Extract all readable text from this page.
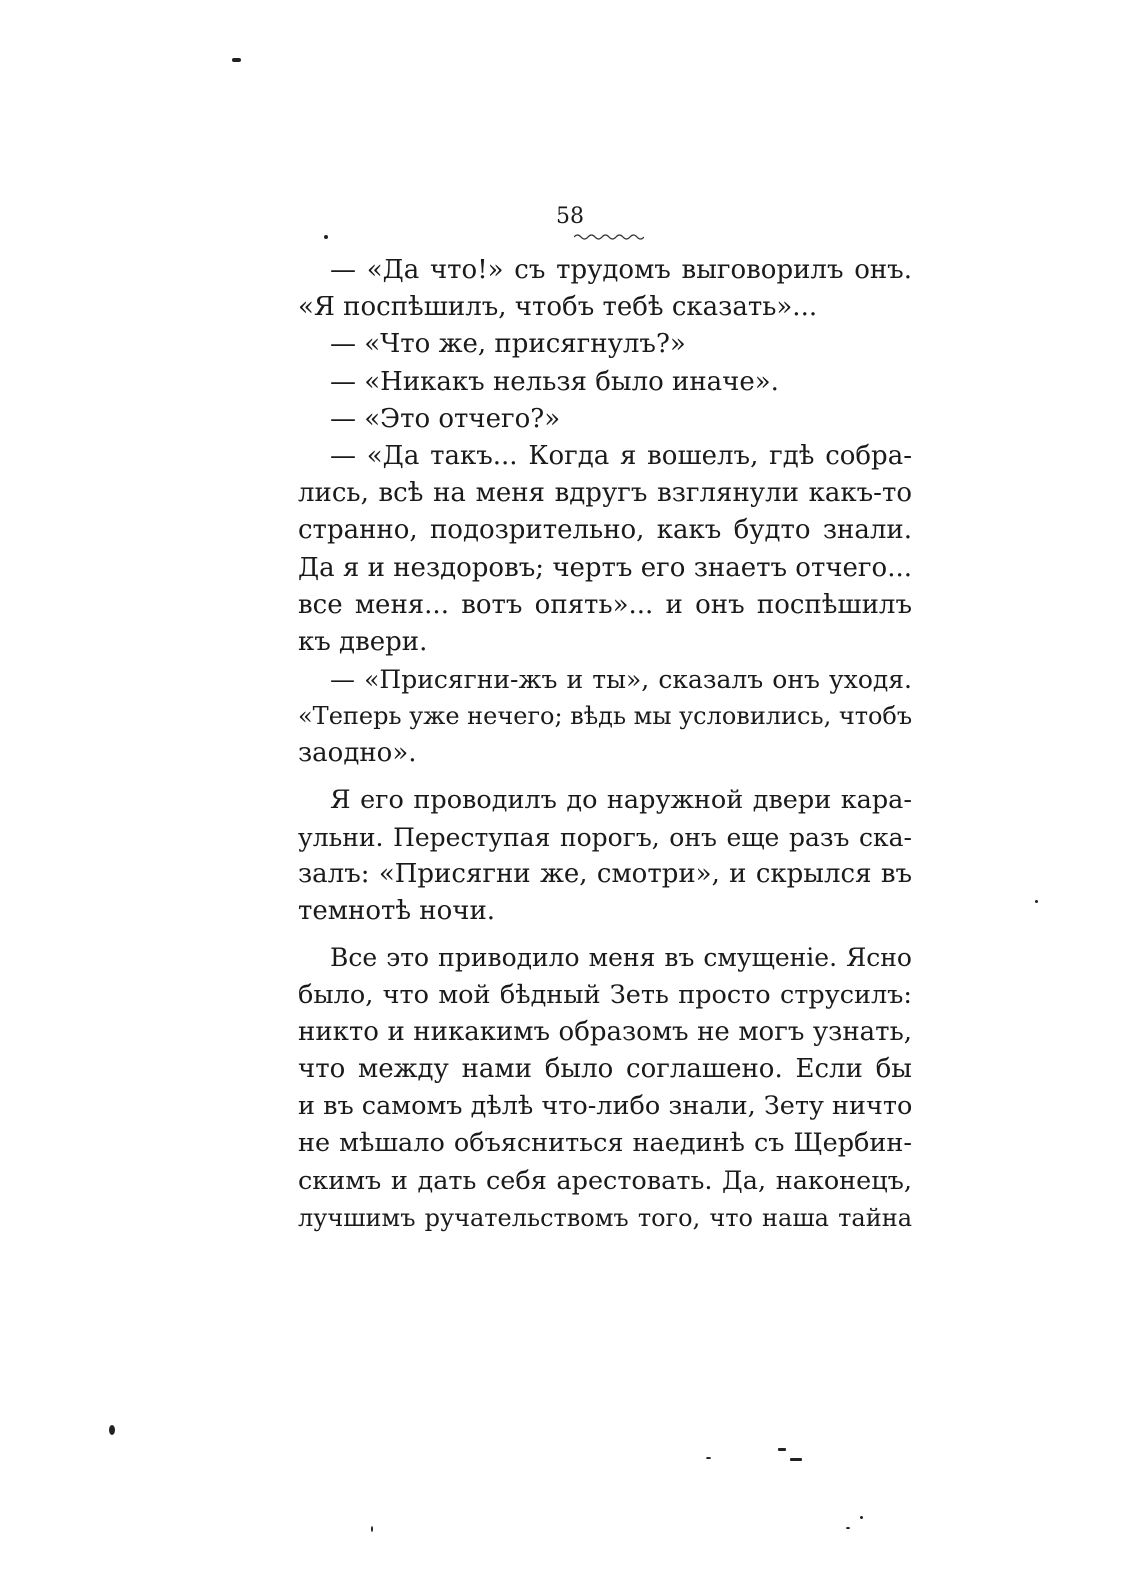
58
— «Да что!» съ трудомъ выговорилъ онъ.
«Я поспѣшилъ, чтобъ тебѣ сказать»...
— «Что же, присягнулъ?»
— «Никакъ нельзя было иначе».
— «Это отчего?»
— «Да такъ... Когда я вошелъ, гдѣ собра-
лись, всѣ на меня вдругъ взглянули какъ-то
странно, подозрительно, какъ будто знали.
Да я и нездоровъ; чертъ его знаетъ отчего...
все меня... вотъ опять»... и онъ поспѣшилъ
къ двери.
— «Присягни-жъ и ты», сказалъ онъ уходя.
«Теперь уже нечего; вѣдь мы условились, чтобъ
заодно».
Я его проводилъ до наружной двери кара-
ульни. Переступая порогъ, онъ еще разъ ска-
залъ: «Присягни же, смотри», и скрылся въ
темнотѣ ночи.
Все это приводило меня въ смущеніе. Ясно
было, что мой бѣдный Зеть просто струсилъ:
никто и никакимъ образомъ не могъ узнать,
что между нами было соглашено. Если бы
и въ самомъ дѣлѣ что-либо знали, Зету ничто
не мѣшало объясниться наединѣ съ Щербин-
скимъ и дать себя арестовать. Да, наконецъ,
лучшимъ ручательствомъ того, что наша тайна
